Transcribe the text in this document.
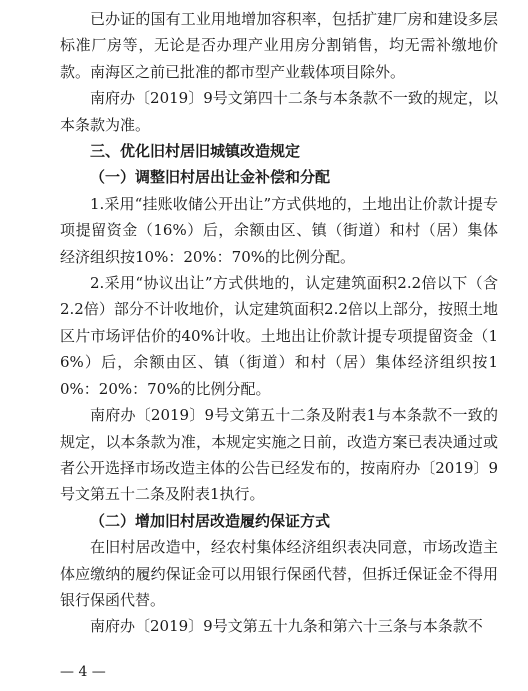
已办证的国有工业用地增加容积率，包括扩建厂房和建设多层标准厂房等，无论是否办理产业用房分割销售，均无需补缴地价款。南海区之前已批准的都市型产业载体项目除外。

南府办〔2019〕9号文第四十二条与本条款不一致的规定，以本条款为准。

三、优化旧村居旧城镇改造规定

（一）调整旧村居出让金补偿和分配

1.采用“挂账收储公开出让”方式供地的，土地出让价款计提专项提留资金（16%）后，余额由区、镇（街道）和村（居）集体经济组织按10%：20%：70%的比例分配。

2.采用“协议出让”方式供地的，认定建筑面积2.2倍以下（含2.2倍）部分不计收地价，认定建筑面积2.2倍以上部分，按照土地区片市场评估价的40%计收。土地出让价款计提专项提留资金（16%）后，余额由区、镇（街道）和村（居）集体经济组织按10%：20%：70%的比例分配。

南府办〔2019〕9号文第五十二条及附表1与本条款不一致的规定，以本条款为准，本规定实施之日前，改造方案已表决通过或者公开选择市场改造主体的公告已经发布的，按南府办〔2019〕9号文第五十二条及附表1执行。

（二）增加旧村居改造履约保证方式

在旧村居改造中，经农村集体经济组织表决同意，市场改造主体应缴纳的履约保证金可以用银行保函代替，但拆迁保证金不得用银行保函代替。

南府办〔2019〕9号文第五十九条和第六十三条与本条款不

— 4 —
